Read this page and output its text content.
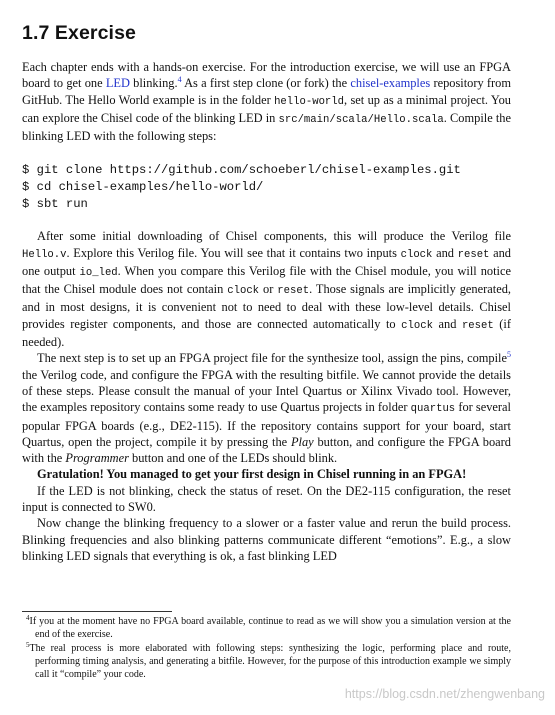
1.7 Exercise

Each chapter ends with a hands-on exercise. For the introduction exercise, we will use an FPGA board to get one LED blinking.$^4$ As a first step clone (or fork) the chisel-examples repository from GitHub. The Hello World example is in the folder hello-world, set up as a minimal project. You can explore the Chisel code of the blinking LED in src/main/scala/Hello.scala. Compile the blinking LED with the following steps:

$ git clone https://github.com/schoeberl/chisel-examples.git
$ cd chisel-examples/hello-world/
$ sbt run

After some initial downloading of Chisel components, this will produce the Verilog file Hello.v. Explore this Verilog file. You will see that it contains two inputs clock and reset and one output io_led. When you compare this Verilog file with the Chisel module, you will notice that the Chisel module does not contain clock or reset. Those signals are implicitly generated, and in most designs, it is convenient not to need to deal with these low-level details. Chisel provides register components, and those are connected automatically to clock and reset (if needed).

The next step is to set up an FPGA project file for the synthesize tool, assign the pins, compile$^5$ the Verilog code, and configure the FPGA with the resulting bitfile. We cannot provide the details of these steps. Please consult the manual of your Intel Quartus or Xilinx Vivado tool. However, the examples repository contains some ready to use Quartus projects in folder quartus for several popular FPGA boards (e.g., DE2-115). If the repository contains support for your board, start Quartus, open the project, compile it by pressing the Play button, and configure the FPGA board with the Programmer button and one of the LEDs should blink.

Gratulation! You managed to get your first design in Chisel running in an FPGA!

If the LED is not blinking, check the status of reset. On the DE2-115 configuration, the reset input is connected to SW0.

Now change the blinking frequency to a slower or a faster value and rerun the build process. Blinking frequencies and also blinking patterns communicate different “emotions”. E.g., a slow blinking LED signals that everything is ok, a fast blinking LED

$^4$If you at the moment have no FPGA board available, continue to read as we will show you a simulation version at the end of the exercise.
$^5$The real process is more elaborated with following steps: synthesizing the logic, performing place and route, performing timing analysis, and generating a bitfile. However, for the purpose of this introduction example we simply call it “compile” your code.
https://blog.csdn.net/zhengwenbang
